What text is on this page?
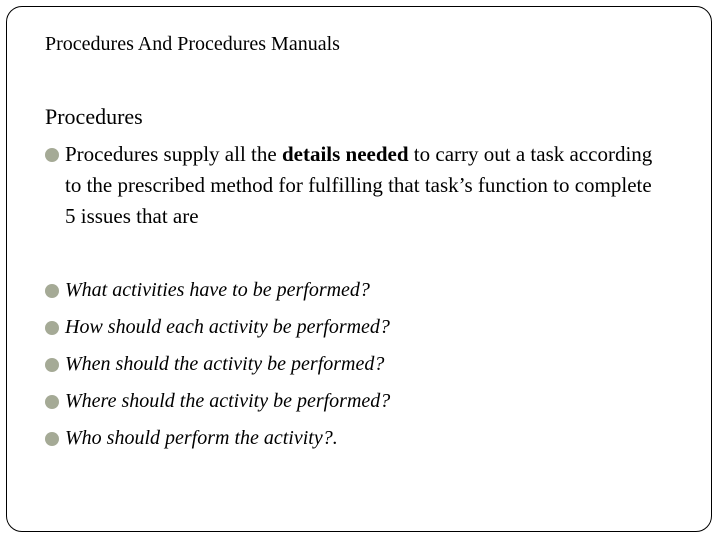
Procedures And Procedures Manuals
Procedures
Procedures supply all the details needed to carry out a task according to the prescribed method for fulfilling that task’s function to complete 5 issues that are
What activities have to be performed?
How should each activity be performed?
When should the activity be performed?
Where should the activity be performed?
Who should perform the activity?.
